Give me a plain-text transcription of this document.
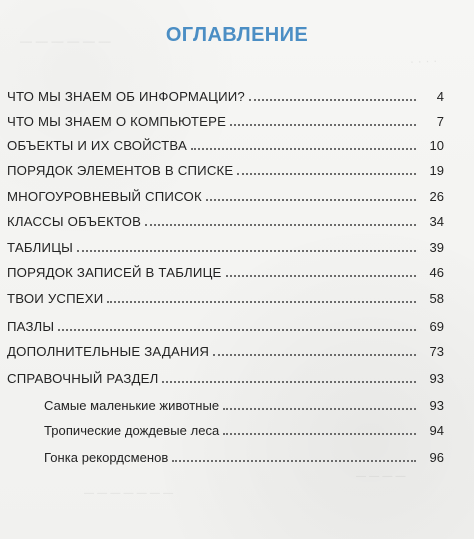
— — — — — —
· · · ·
— — — —
— — — — — — —
ОГЛАВЛЕНИЕ
ЧТО МЫ ЗНАЕМ ОБ ИНФОРМАЦИИ?	4
ЧТО МЫ ЗНАЕМ О КОМПЬЮТЕРЕ	7
ОБЪЕКТЫ И ИХ СВОЙСТВА	10
ПОРЯДОК ЭЛЕМЕНТОВ В СПИСКЕ	19
МНОГОУРОВНЕВЫЙ СПИСОК	26
КЛАССЫ ОБЪЕКТОВ	34
ТАБЛИЦЫ	39
ПОРЯДОК ЗАПИСЕЙ В ТАБЛИЦЕ	46
ТВОИ УСПЕХИ	58
ПАЗЛЫ	69
ДОПОЛНИТЕЛЬНЫЕ ЗАДАНИЯ	73
СПРАВОЧНЫЙ РАЗДЕЛ	93
Самые маленькие животные	93
Тропические дождевые леса	94
Гонка рекордсменов	96
